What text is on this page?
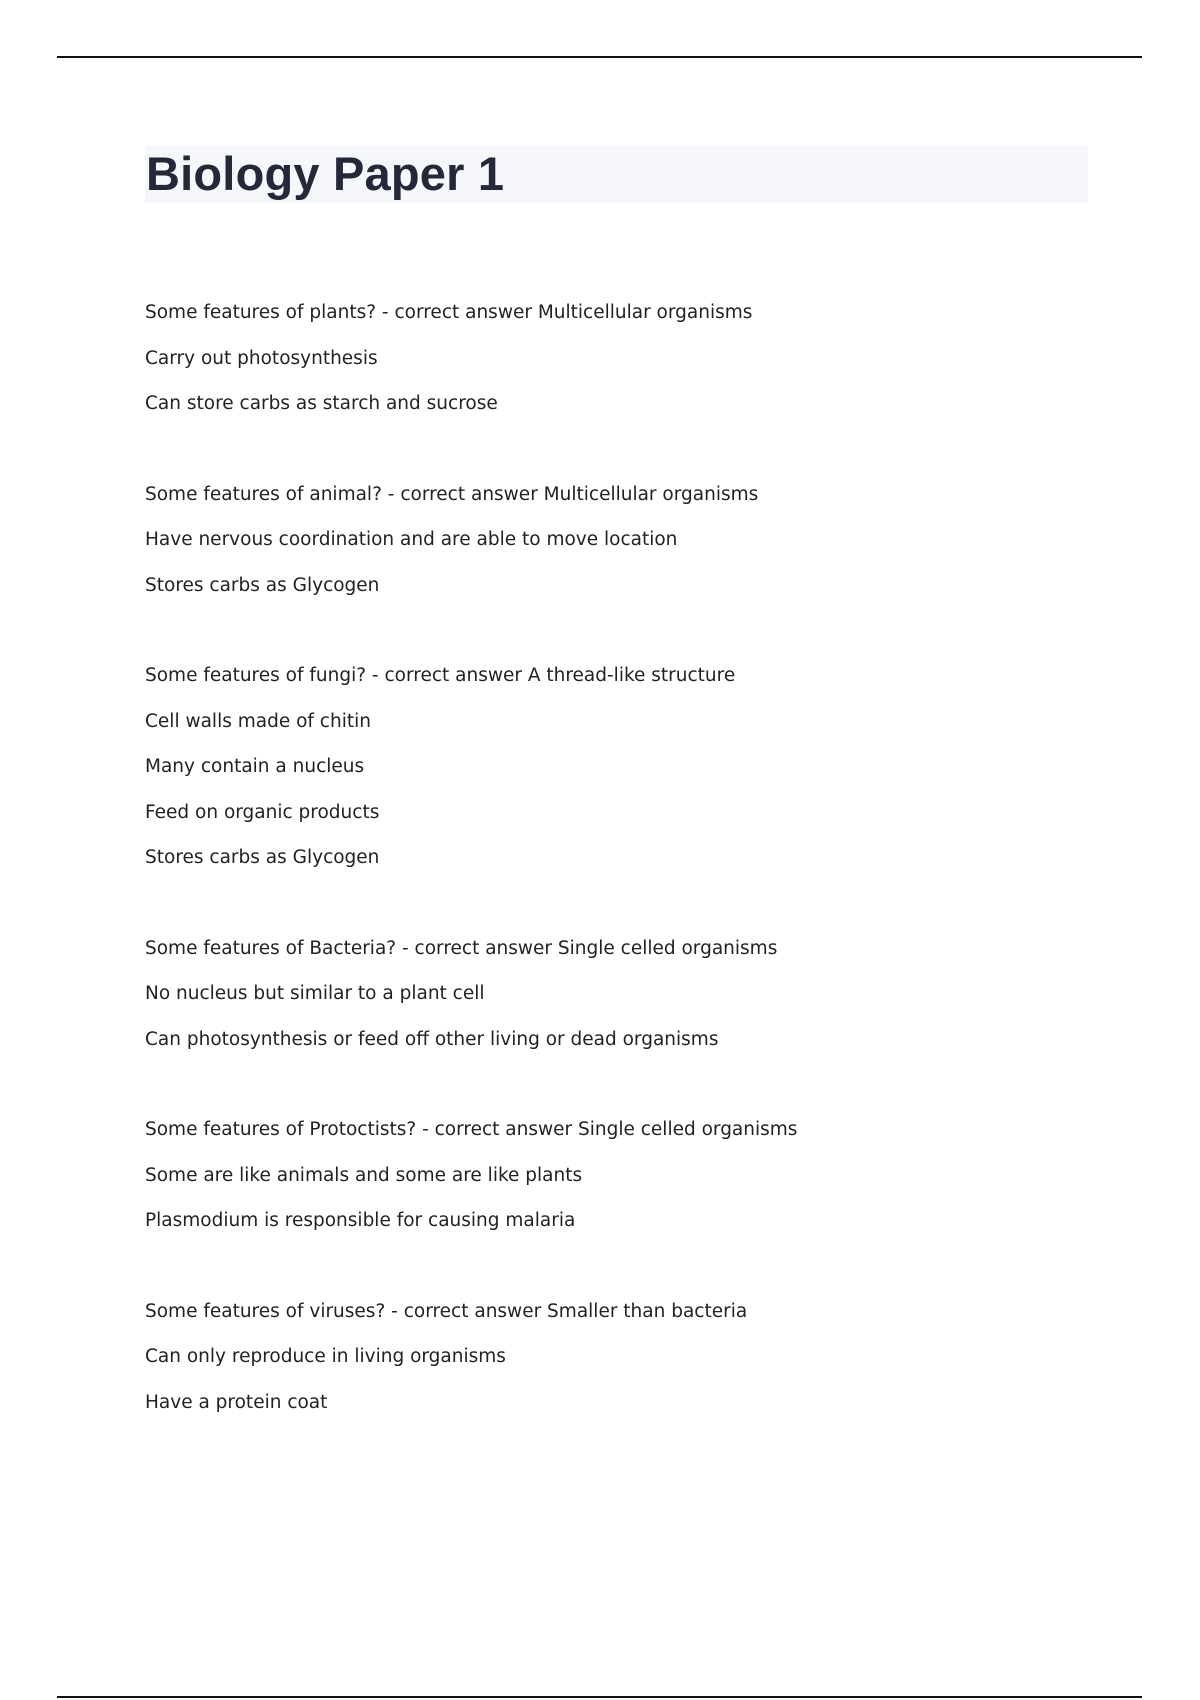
Biology Paper 1
Some features of plants? - correct answer Multicellular organisms
Carry out photosynthesis
Can store carbs as starch and sucrose
Some features of animal? - correct answer Multicellular organisms
Have nervous coordination and are able to move location
Stores carbs as Glycogen
Some features of fungi? - correct answer A thread-like structure
Cell walls made of chitin
Many contain a nucleus
Feed on organic products
Stores carbs as Glycogen
Some features of Bacteria? - correct answer Single celled organisms
No nucleus but similar to a plant cell
Can photosynthesis or feed off other living or dead organisms
Some features of Protoctists? - correct answer Single celled organisms
Some are like animals and some are like plants
Plasmodium is responsible for causing malaria
Some features of viruses? - correct answer Smaller than bacteria
Can only reproduce in living organisms
Have a protein coat
